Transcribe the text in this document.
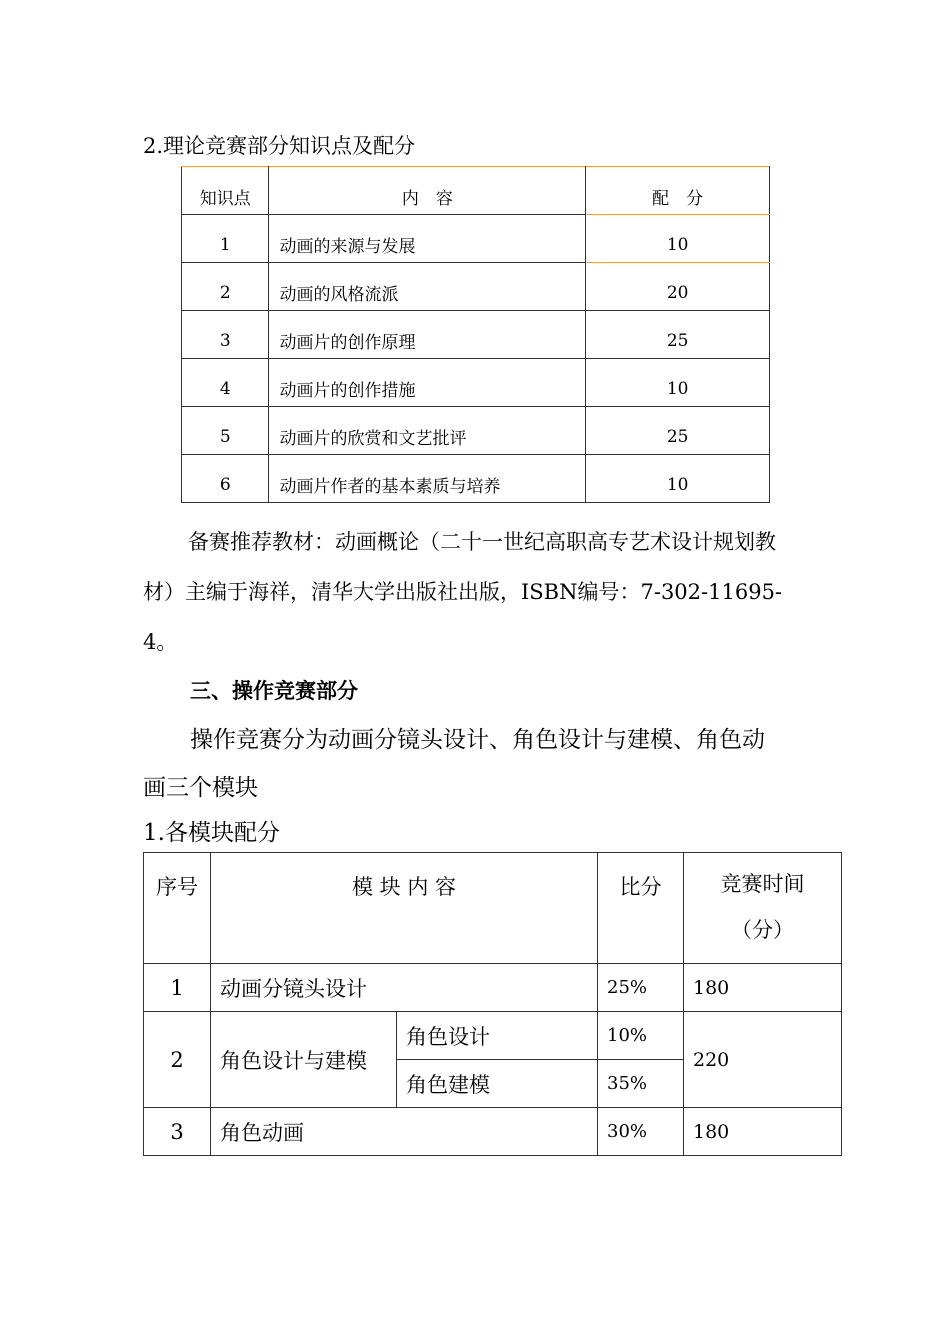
2.理论竞赛部分知识点及配分
知识点	内　容	配　分

1	动画的来源与发展	10

2	动画的风格流派	20

3	动画片的创作原理	25

4	动画片的创作措施	10

5	动画片的欣赏和文艺批评	25

6	动画片作者的基本素质与培养	10
备赛推荐教材：动画概论（二十一世纪高职高专艺术设计规划教
材）主编于海祥，清华大学出版社出版，ISBN编号：7-302-11695-
4。
三、操作竞赛部分
操作竞赛分为动画分镜头设计、角色设计与建模、角色动
画三个模块
1.各模块配分
序号	模 块 内 容		比分	竞赛时间
（分）

1	动画分镜头设计		25%	180
2	角色设计与建模	角色设计	10%	220
		角色建模	35%	
3	角色动画		30%	180
